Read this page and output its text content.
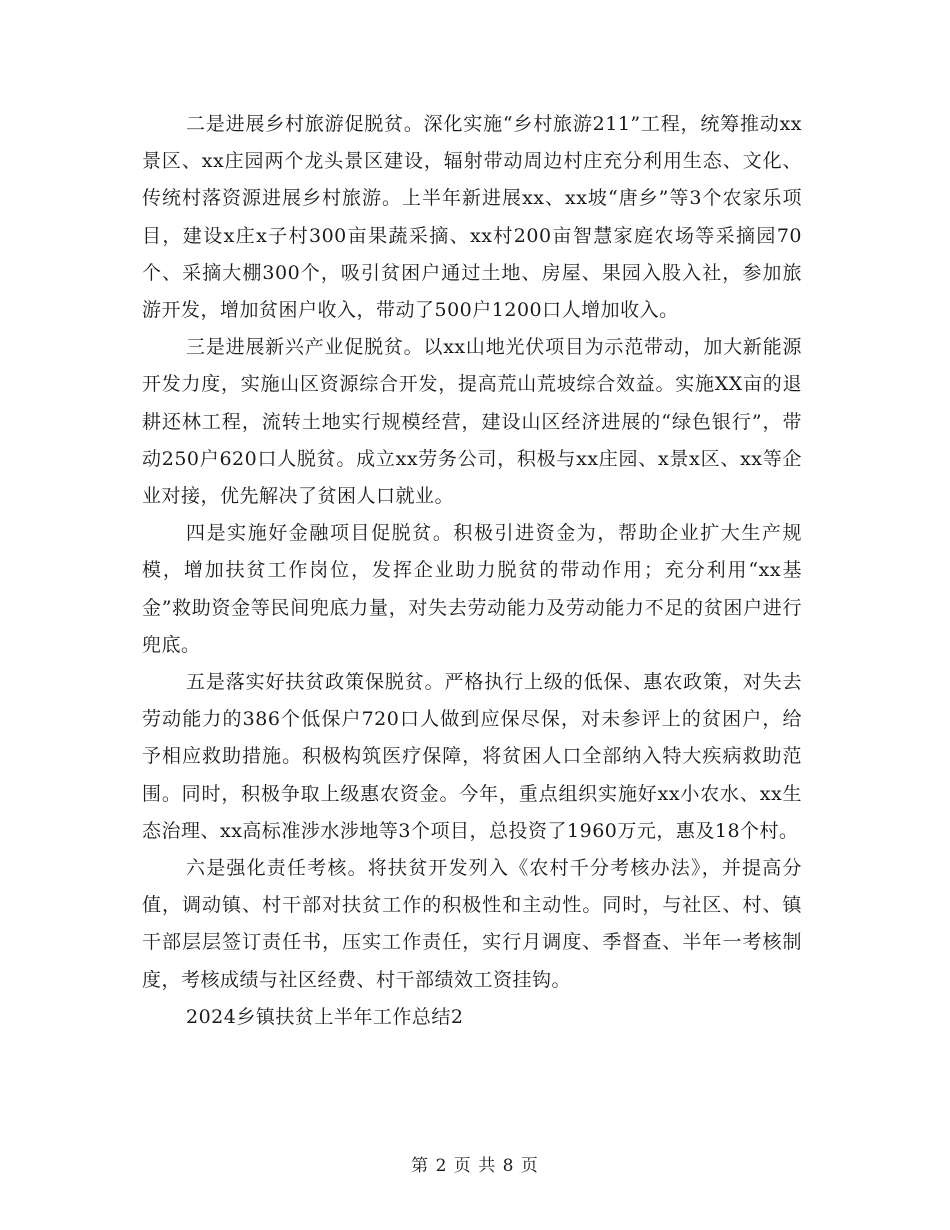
二是进展乡村旅游促脱贫。深化实施“乡村旅游211”工程，统筹推动xx景区、xx庄园两个龙头景区建设，辐射带动周边村庄充分利用生态、文化、传统村落资源进展乡村旅游。上半年新进展xx、xx坡“唐乡”等3个农家乐项目，建设x庄x子村300亩果蔬采摘、xx村200亩智慧家庭农场等采摘园70个、采摘大棚300个，吸引贫困户通过土地、房屋、果园入股入社，参加旅游开发，增加贫困户收入，带动了500户1200口人增加收入。

三是进展新兴产业促脱贫。以xx山地光伏项目为示范带动，加大新能源开发力度，实施山区资源综合开发，提高荒山荒坡综合效益。实施XX亩的退耕还林工程，流转土地实行规模经营，建设山区经济进展的“绿色银行”，带动250户620口人脱贫。成立xx劳务公司，积极与xx庄园、x景x区、xx等企业对接，优先解决了贫困人口就业。

四是实施好金融项目促脱贫。积极引进资金为，帮助企业扩大生产规模，增加扶贫工作岗位，发挥企业助力脱贫的带动作用；充分利用“xx基金”救助资金等民间兜底力量，对失去劳动能力及劳动能力不足的贫困户进行兜底。

五是落实好扶贫政策保脱贫。严格执行上级的低保、惠农政策，对失去劳动能力的386个低保户720口人做到应保尽保，对未参评上的贫困户，给予相应救助措施。积极构筑医疗保障，将贫困人口全部纳入特大疾病救助范围。同时，积极争取上级惠农资金。今年，重点组织实施好xx小农水、xx生态治理、xx高标准涉水涉地等3个项目，总投资了1960万元，惠及18个村。

六是强化责任考核。将扶贫开发列入《农村千分考核办法》，并提高分值，调动镇、村干部对扶贫工作的积极性和主动性。同时，与社区、村、镇干部层层签订责任书，压实工作责任，实行月调度、季督查、半年一考核制度，考核成绩与社区经费、村干部绩效工资挂钩。

2024乡镇扶贫上半年工作总结2

第 2 页 共 8 页
